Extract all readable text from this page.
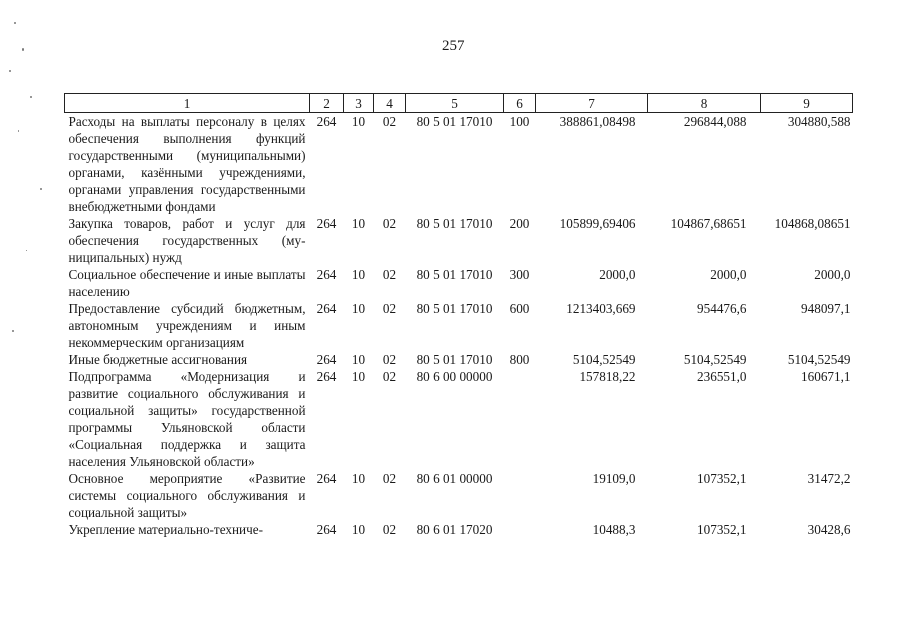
257
1	2	3	4	5	6	7	8	9
Расходы на выплаты персоналу в целях обеспечения выполнения функций государственными (муниципальными) органами, казёнными учреждениями, органами управления государственными внебюджетными фондами	264	10	02	80 5 01 17010	100	388861,08498	296844,088	304880,588
Закупка товаров, работ и услуг для обеспечения государственных (муниципальных) нужд	264	10	02	80 5 01 17010	200	105899,69406	104867,68651	104868,08651
Социальное обеспечение и иные выплаты населению	264	10	02	80 5 01 17010	300	2000,0	2000,0	2000,0
Предоставление субсидий бюджетным, автономным учреждениям и иным некоммерческим организациям	264	10	02	80 5 01 17010	600	1213403,669	954476,6	948097,1
Иные бюджетные ассигнования	264	10	02	80 5 01 17010	800	5104,52549	5104,52549	5104,52549
Подпрограмма «Модернизация и развитие социального обслуживания и социальной защиты» государственной программы Ульяновской области «Социальная поддержка и защита населения Ульяновской области»	264	10	02	80 6 00 00000		157818,22	236551,0	160671,1
Основное мероприятие «Развитие системы социального обслуживания и социальной защиты»	264	10	02	80 6 01 00000		19109,0	107352,1	31472,2
Укрепление материально-техниче-	264	10	02	80 6 01 17020		10488,3	107352,1	30428,6
